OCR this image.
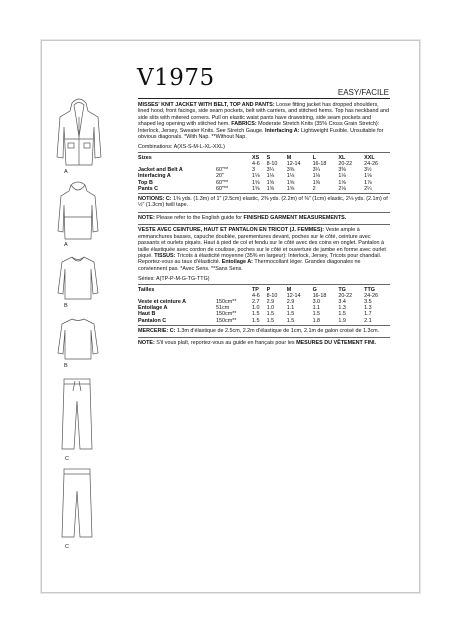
A
A
B
B
C
C
V1975
EASY/FACILE

MISSES' KNIT JACKET WITH BELT, TOP AND PANTS: Loose fitting jacket has dropped shoulders, lined hood, front facings, side seam pockets, belt with carriers, and stitched hems. Top has neckband and side slits with mitered corners. Pull on elastic waist pants have drawstring, side seam pockets and shaped leg opening with stitched hem. FABRICS: Moderate Stretch Knits (35% Cross Grain Stretch): Interlock, Jersey, Sweater Knits. See Stretch Gauge. Interfacing A: Lightweight Fusible. Unsuitable for obvious diagonals. *With Nap. **Without Nap.

Combinations: A(XS-S-M-L-XL-XXL)
Sizes		XS	S	M	L	XL	XXL
		4-6	8-10	12-14	16-18	20-22	24-26
Jacket and Belt A	60"**	3	3¼	3⅜	3¼	3⅜	3½
Interfacing A	20"	1⅛	1⅛	1⅛	1⅛	1⅛	1⅛
Top B	60"**	1⅝	1⅝	1⅝	1⅝	1⅝	1⅞
Pants C	60"**	1⅝	1⅝	1⅝	2	2⅛	2¼

NOTIONS: C: 1⅜ yds. (1.3m) of 1" (2.5cm) elastic, 2⅜ yds. (2.2m) of ⅜" (1cm) elastic, 2⅛ yds. (2.1m) of ½" (1.3cm) twill tape.

NOTE: Please refer to the English guide for FINISHED GARMENT MEASUREMENTS.

VESTE AVEC CEINTURE, HAUT ET PANTALON EN TRICOT (J. FEMMES): Veste ample à emmanchures basses, capuche doublée, parementures devant, poches sur le côté, ceinture avec passants et ourlets piqués. Haut à pied de col et fendu sur le côté avec des coins en onglet. Pantalon à taille élastiquée avec cordon de coulisse, poches sur le côté et ouverture de jambe en forme avec ourlet piqué. TISSUS: Tricots à élasticité moyenne (35% en largeur): Interlock, Jersey, Tricots pour chandail. Reportez-vous au taux d'élasticité. Entoilage A: Thermocollant léger. Grandes diagonales ne conviennent pas. *Avec Sens. **Sans Sens.

Séries: A(TP-P-M-G-TG-TTG)
Tailles		TP	P	M	G	TG	TTG
		4-6	8-10	12-14	16-18	20-22	24-26
Veste et ceinture A	150cm**	2.7	2.9	2.9	3.0	3.4	3.5
Entoilage A	51cm	1.0	1.0	1.1	1.1	1.3	1.3
Haut B	150cm**	1.5	1.5	1.5	1.5	1.5	1.7
Pantalon C	150cm**	1.5	1.5	1.5	1.8	1.9	2.1

MERCERIE: C: 1.3m d'élastique de 2.5cm, 2.2m d'élastique de 1cm, 2.1m de galon croisé de 1.3cm.

NOTE: S'il vous plaît, reportez-vous au guide en français pour les MESURES DU VÊTEMENT FINI.
